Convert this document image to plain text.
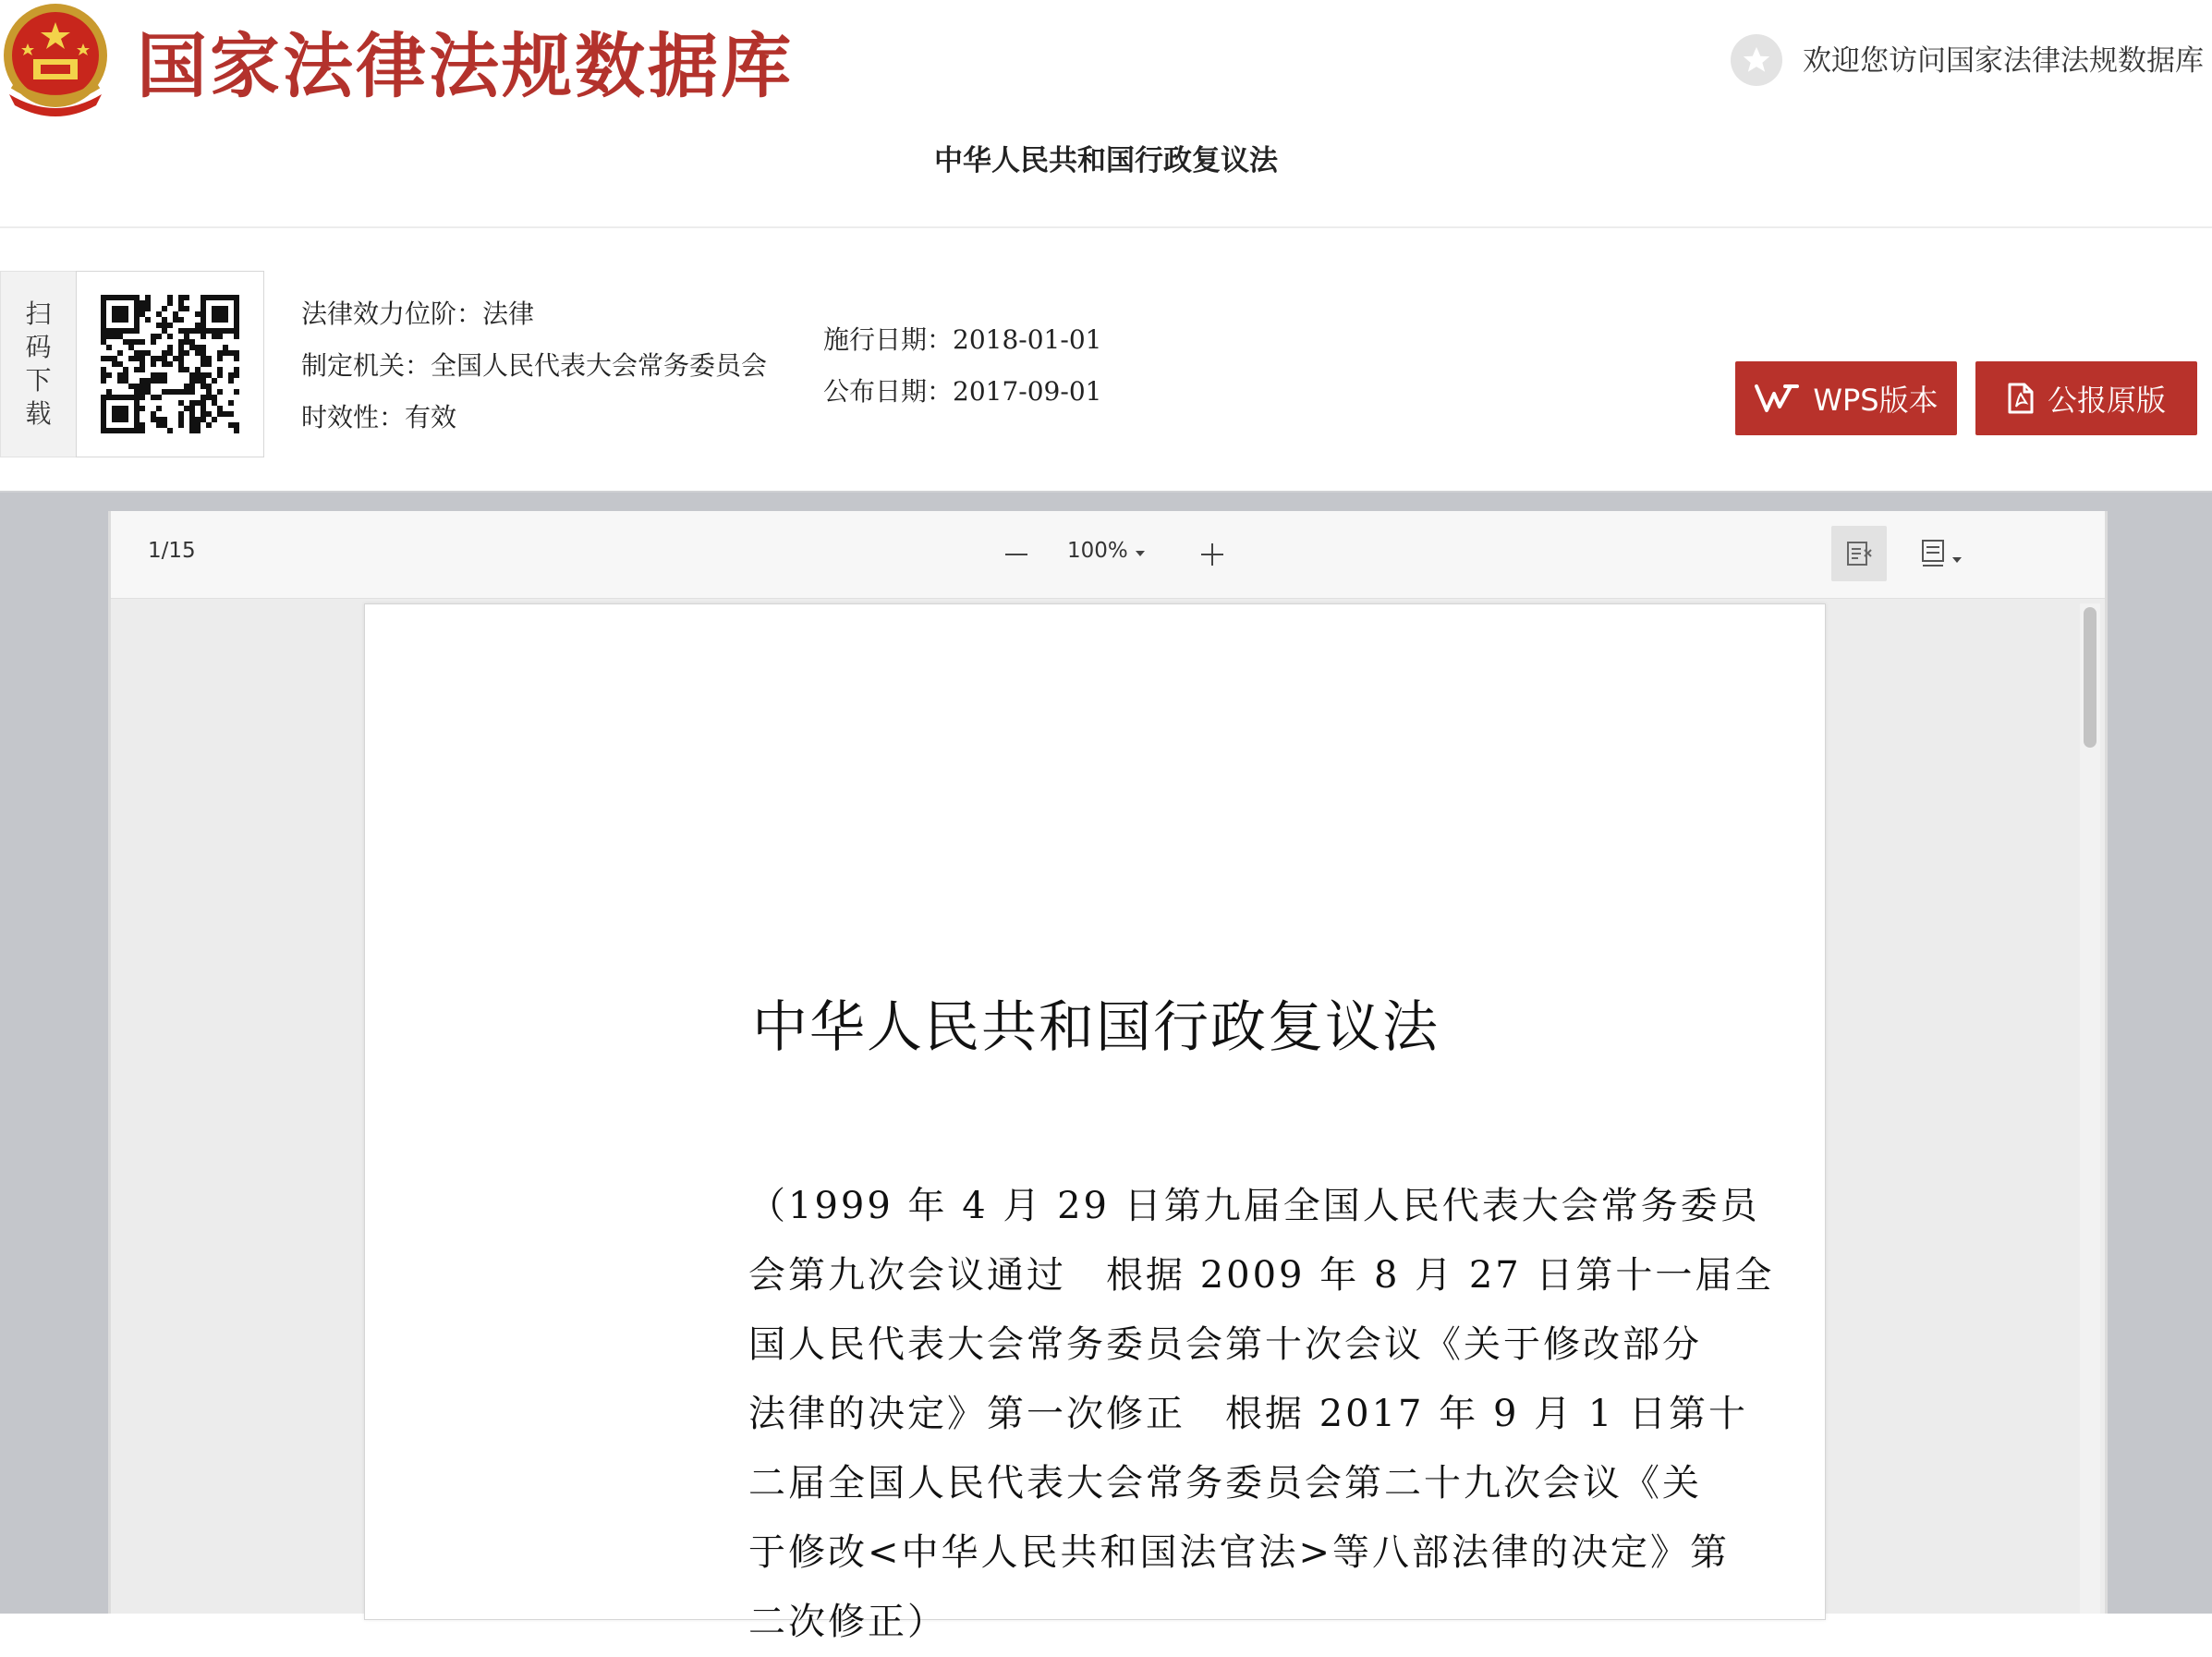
国家法律法规数据库	欢迎您访问国家法律法规数据库
中华人民共和国行政复议法
扫
码
下
载
法律效力位阶：法律
制定机关：全国人民代表大会常务委员会
时效性：有效
施行日期：2018-01-01
公布日期：2017-09-01	WPS版本	公报原版
1/15	100%
中华人民共和国行政复议法
（1999 年 4 月 29 日第九届全国人民代表大会常务委员
会第九次会议通过　根据 2009 年 8 月 27 日第十一届全
国人民代表大会常务委员会第十次会议《关于修改部分
法律的决定》第一次修正　根据 2017 年 9 月 1 日第十
二届全国人民代表大会常务委员会第二十九次会议《关
于修改<中华人民共和国法官法>等八部法律的决定》第
二次修正）
